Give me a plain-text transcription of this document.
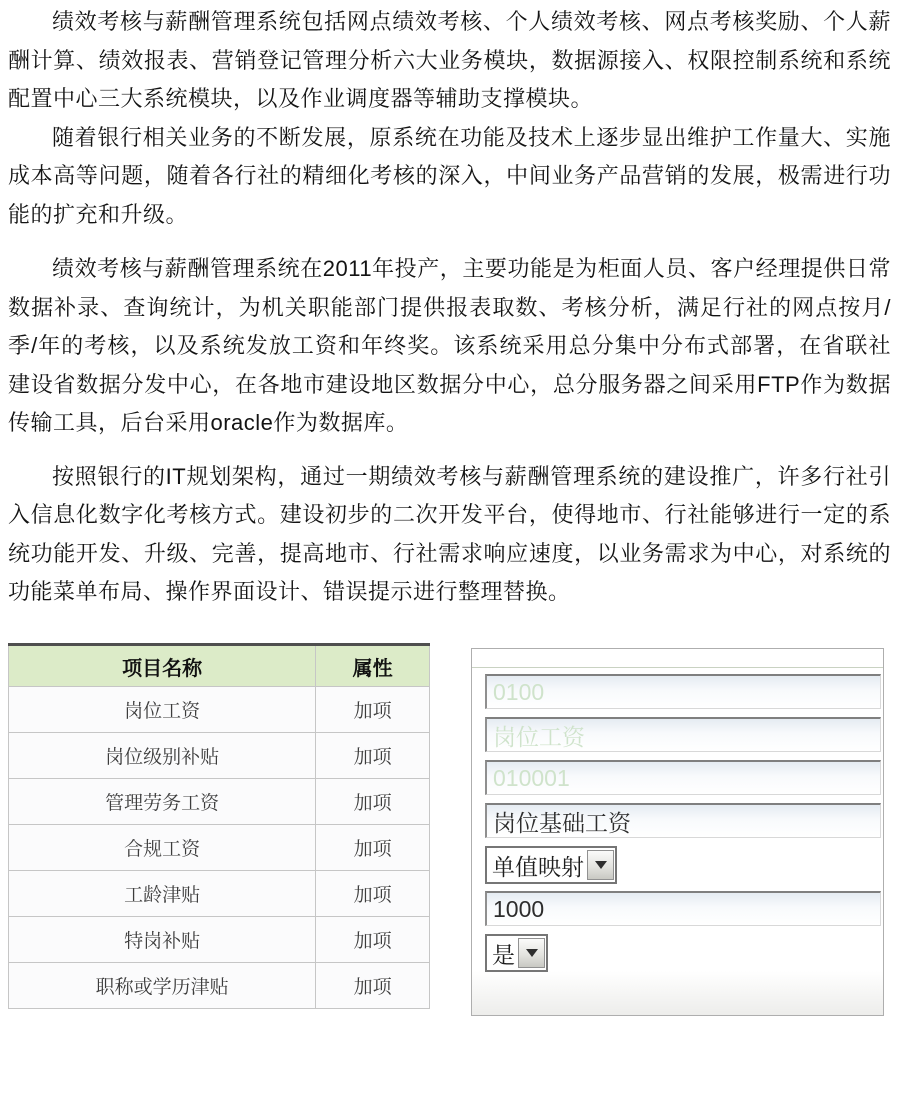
绩效考核与薪酬管理系统包括网点绩效考核、个人绩效考核、网点考核奖励、个人薪酬计算、绩效报表、营销登记管理分析六大业务模块，数据源接入、权限控制系统和系统配置中心三大系统模块，以及作业调度器等辅助支撑模块。

随着银行相关业务的不断发展，原系统在功能及技术上逐步显出维护工作量大、实施成本高等问题，随着各行社的精细化考核的深入，中间业务产品营销的发展，极需进行功能的扩充和升级。

绩效考核与薪酬管理系统在2011年投产，主要功能是为柜面人员、客户经理提供日常数据补录、查询统计，为机关职能部门提供报表取数、考核分析，满足行社的网点按月/季/年的考核，以及系统发放工资和年终奖。该系统采用总分集中分布式部署，在省联社建设省数据分发中心，在各地市建设地区数据分中心，总分服务器之间采用FTP作为数据传输工具，后台采用oracle作为数据库。

按照银行的IT规划架构，通过一期绩效考核与薪酬管理系统的建设推广，许多行社引入信息化数字化考核方式。建设初步的二次开发平台，使得地市、行社能够进行一定的系统功能开发、升级、完善，提高地市、行社需求响应速度，以业务需求为中心，对系统的功能菜单布局、操作界面设计、错误提示进行整理替换。

项目名称	属性
岗位工资	加项
岗位级别补贴	加项
管理劳务工资	加项
合规工资	加项
工龄津贴	加项
特岗补贴	加项
职称或学历津贴	加项
0100
岗位工资
010001
岗位基础工资
单值映射
1000
是
